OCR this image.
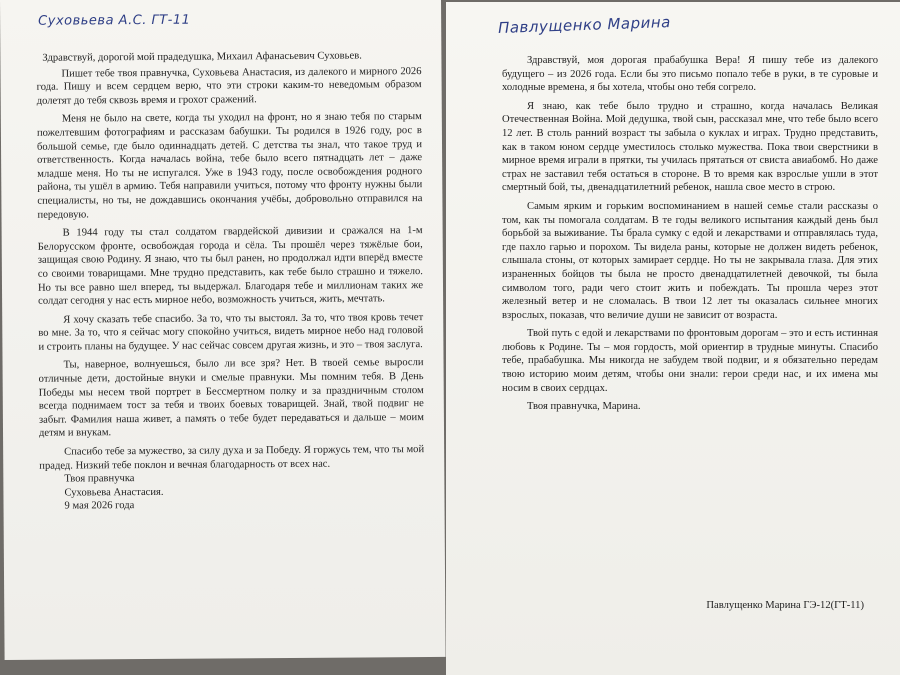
Суховьева А.С. ГТ-11

Здравствуй, дорогой мой прадедушка, Михаил Афанасьевич Суховьев.

Пишет тебе твоя правнучка, Суховьева Анастасия, из далекого и мирного 2026 года. Пишу и всем сердцем верю, что эти строки каким-то неведомым образом долетят до тебя сквозь время и грохот сражений.

Меня не было на свете, когда ты уходил на фронт, но я знаю тебя по старым пожелтевшим фотографиям и рассказам бабушки. Ты родился в 1926 году, рос в большой семье, где было одиннадцать детей. С детства ты знал, что такое труд и ответственность. Когда началась война, тебе было всего пятнадцать лет – даже младше меня. Но ты не испугался. Уже в 1943 году, после освобождения родного района, ты ушёл в армию. Тебя направили учиться, потому что фронту нужны были специалисты, но ты, не дождавшись окончания учёбы, добровольно отправился на передовую.

В 1944 году ты стал солдатом гвардейской дивизии и сражался на 1-м Белорусском фронте, освобождая города и сёла. Ты прошёл через тяжёлые бои, защищая свою Родину. Я знаю, что ты был ранен, но продолжал идти вперёд вместе со своими товарищами. Мне трудно представить, как тебе было страшно и тяжело. Но ты все равно шел вперед, ты выдержал. Благодаря тебе и миллионам таких же солдат сегодня у нас есть мирное небо, возможность учиться, жить, мечтать.

Я хочу сказать тебе спасибо. За то, что ты выстоял. За то, что твоя кровь течет во мне. За то, что я сейчас могу спокойно учиться, видеть мирное небо над головой и строить планы на будущее. У нас сейчас совсем другая жизнь, и это – твоя заслуга.

Ты, наверное, волнуешься, было ли все зря? Нет. В твоей семье выросли отличные дети, достойные внуки и смелые правнуки. Мы помним тебя. В День Победы мы несем твой портрет в Бессмертном полку и за праздничным столом всегда поднимаем тост за тебя и твоих боевых товарищей. Знай, твой подвиг не забыт. Фамилия наша живет, а память о тебе будет передаваться и дальше – моим детям и внукам.

Спасибо тебе за мужество, за силу духа и за Победу. Я горжусь тем, что ты мой прадед. Низкий тебе поклон и вечная благодарность от всех нас.

Твоя правнучка
Суховьева Анастасия.
9 мая 2026 года
Павлущенко Марина

Здравствуй, моя дорогая прабабушка Вера! Я пишу тебе из далекого будущего – из 2026 года. Если бы это письмо попало тебе в руки, в те суровые и холодные времена, я бы хотела, чтобы оно тебя согрело.

Я знаю, как тебе было трудно и страшно, когда началась Великая Отечественная Война. Мой дедушка, твой сын, рассказал мне, что тебе было всего 12 лет. В столь ранний возраст ты забыла о куклах и играх. Трудно представить, как в таком юном сердце уместилось столько мужества. Пока твои сверстники в мирное время играли в прятки, ты училась прятаться от свиста авиабомб. Но даже страх не заставил тебя остаться в стороне. В то время как взрослые ушли в этот смертный бой, ты, двенадцатилетний ребенок, нашла свое место в строю.

Самым ярким и горьким воспоминанием в нашей семье стали рассказы о том, как ты помогала солдатам. В те годы великого испытания каждый день был борьбой за выживание. Ты брала сумку с едой и лекарствами и отправлялась туда, где пахло гарью и порохом. Ты видела раны, которые не должен видеть ребенок, слышала стоны, от которых замирает сердце. Но ты не закрывала глаза. Для этих израненных бойцов ты была не просто двенадцатилетней девочкой, ты была символом того, ради чего стоит жить и побеждать. Ты прошла через этот железный ветер и не сломалась. В твои 12 лет ты оказалась сильнее многих взрослых, показав, что величие души не зависит от возраста.

Твой путь с едой и лекарствами по фронтовым дорогам – это и есть истинная любовь к Родине. Ты – моя гордость, мой ориентир в трудные минуты. Спасибо тебе, прабабушка. Мы никогда не забудем твой подвиг, и я обязательно передам твою историю моим детям, чтобы они знали: герои среди нас, и их имена мы носим в своих сердцах.

Твоя правнучка, Марина.

Павлущенко Марина ГЭ-12(ГТ-11)
